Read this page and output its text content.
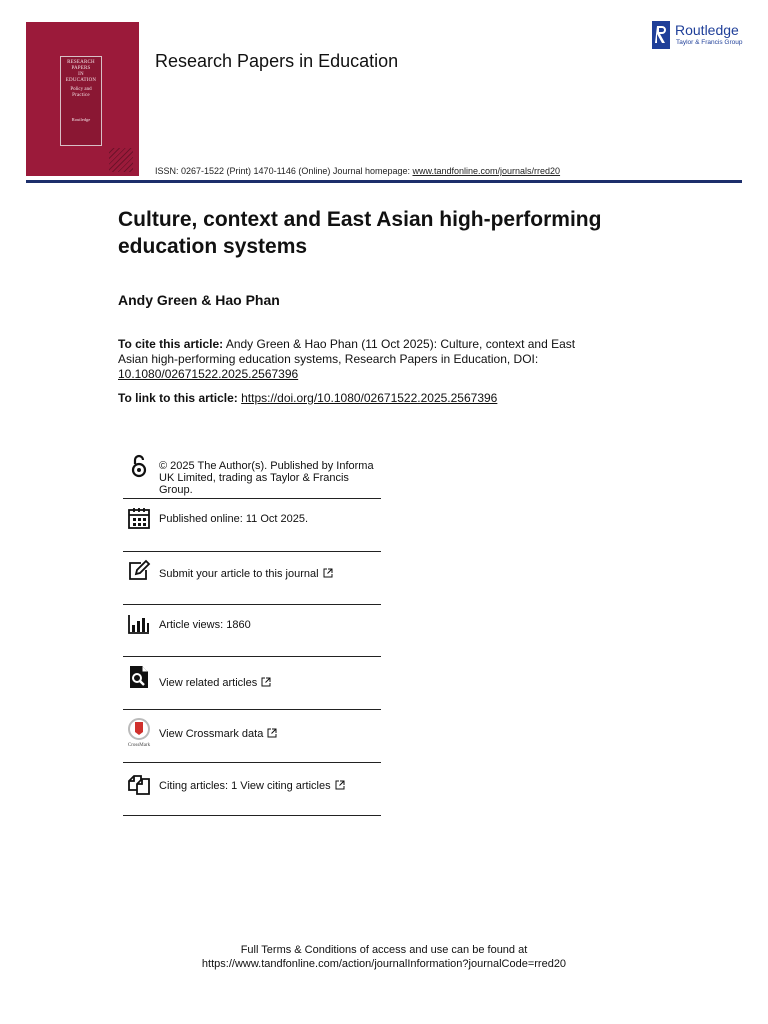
RESEARCH
PAPERS
IN
EDUCATION
Policy and
Practice
Routledge
Research Papers in Education
Routledge
Taylor & Francis Group
ISSN: 0267-1522 (Print) 1470-1146 (Online) Journal homepage: www.tandfonline.com/journals/rred20
Culture, context and East Asian high-performing education systems
Andy Green & Hao Phan
To cite this article: Andy Green & Hao Phan (11 Oct 2025): Culture, context and East Asian high-performing education systems, Research Papers in Education, DOI: 10.1080/02671522.2025.2567396
To link to this article: https://doi.org/10.1080/02671522.2025.2567396
© 2025 The Author(s). Published by Informa UK Limited, trading as Taylor & Francis Group.
Published online: 11 Oct 2025.
Submit your article to this journal
Article views: 1860
View related articles
CrossMark
View Crossmark data
Citing articles: 1 View citing articles
Full Terms & Conditions of access and use can be found at
https://www.tandfonline.com/action/journalInformation?journalCode=rred20
